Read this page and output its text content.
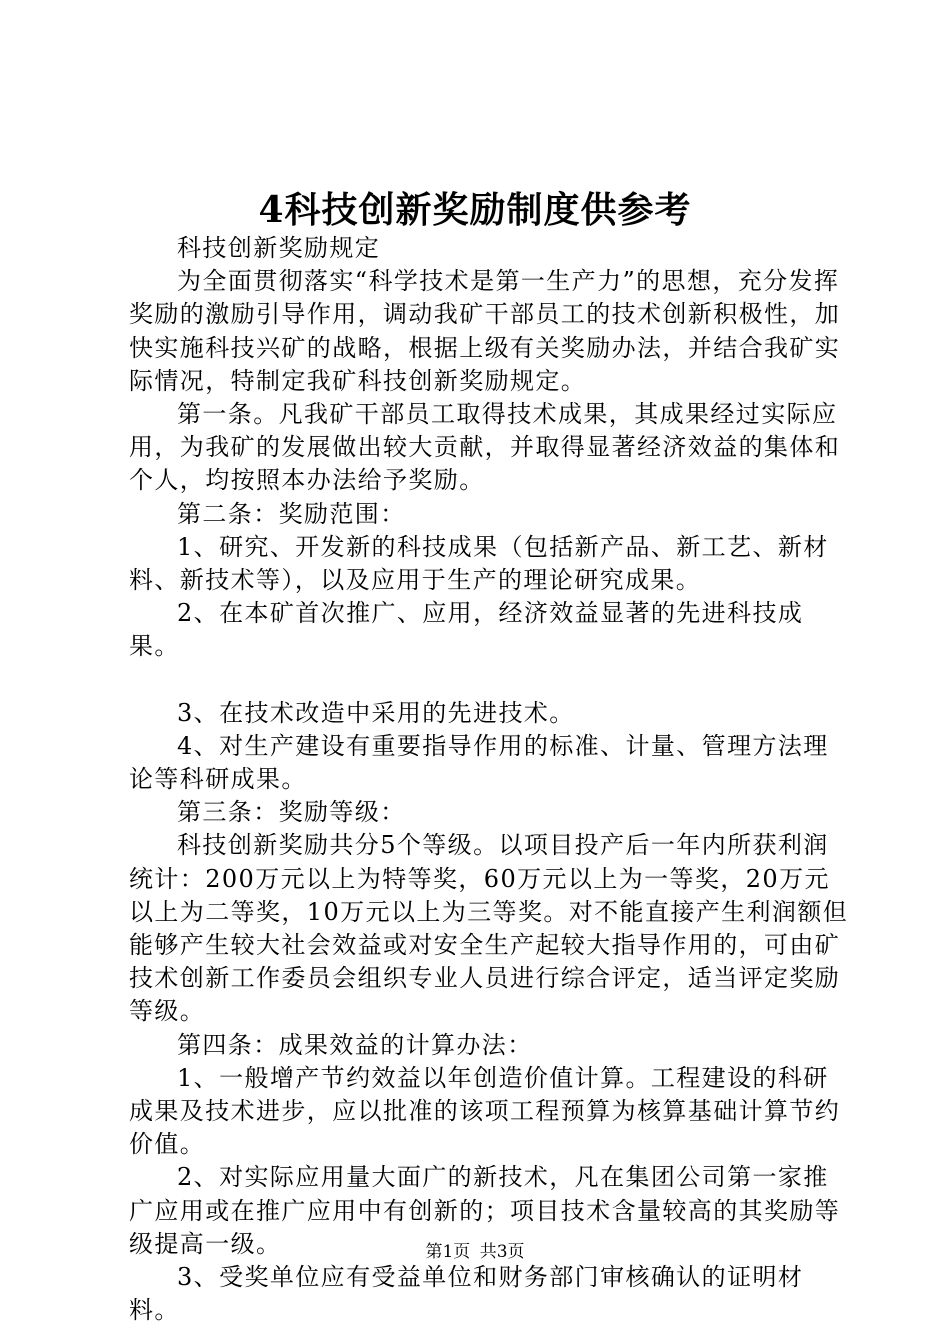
4科技创新奖励制度供参考

科技创新奖励规定

为全面贯彻落实“科学技术是第一生产力”的思想，充分发挥奖励的激励引导作用，调动我矿干部员工的技术创新积极性，加快实施科技兴矿的战略，根据上级有关奖励办法，并结合我矿实际情况，特制定我矿科技创新奖励规定。

第一条。凡我矿干部员工取得技术成果，其成果经过实际应用，为我矿的发展做出较大贡献，并取得显著经济效益的集体和个人，均按照本办法给予奖励。

第二条：奖励范围：

1、研究、开发新的科技成果（包括新产品、新工艺、新材料、新技术等），以及应用于生产的理论研究成果。

2、在本矿首次推广、应用，经济效益显著的先进科技成果。

3、在技术改造中采用的先进技术。

4、对生产建设有重要指导作用的标准、计量、管理方法理论等科研成果。

第三条：奖励等级：

科技创新奖励共分5个等级。以项目投产后一年内所获利润统计：200万元以上为特等奖，60万元以上为一等奖，20万元以上为二等奖，10万元以上为三等奖。对不能直接产生利润额但能够产生较大社会效益或对安全生产起较大指导作用的，可由矿技术创新工作委员会组织专业人员进行综合评定，适当评定奖励等级。

第四条：成果效益的计算办法：

1、一般增产节约效益以年创造价值计算。工程建设的科研成果及技术进步，应以批准的该项工程预算为核算基础计算节约价值。

2、对实际应用量大面广的新技术，凡在集团公司第一家推广应用或在推广应用中有创新的；项目技术含量较高的其奖励等级提高一级。

3、受奖单位应有受益单位和财务部门审核确认的证明材料。

第1页 共3页
